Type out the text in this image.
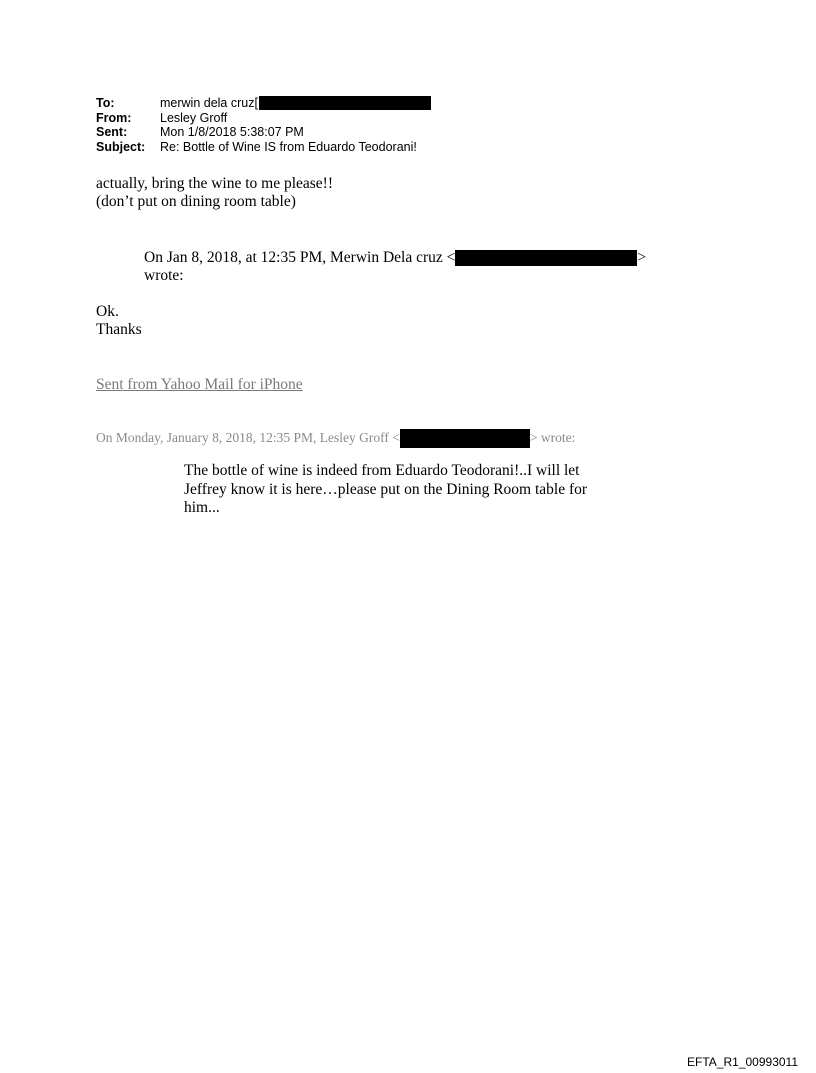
To:	merwin dela cruz [
From:	Lesley Groff
Sent:	Mon 1/8/2018 5:38:07 PM
Subject:	Re: Bottle of Wine IS from Eduardo Teodorani!
actually, bring the wine to me please!!
(don’t put on dining room table)
On Jan 8, 2018, at 12:35 PM, Merwin Dela cruz <	>
wrote:
Ok.
Thanks
Sent from Yahoo Mail for iPhone
On Monday, January 8, 2018, 12:35 PM, Lesley Groff <	> wrote:
The bottle of wine is indeed from Eduardo Teodorani!..I will let
Jeffrey know it is here…please put on the Dining Room table for
him...
EFTA_R1_00993011
